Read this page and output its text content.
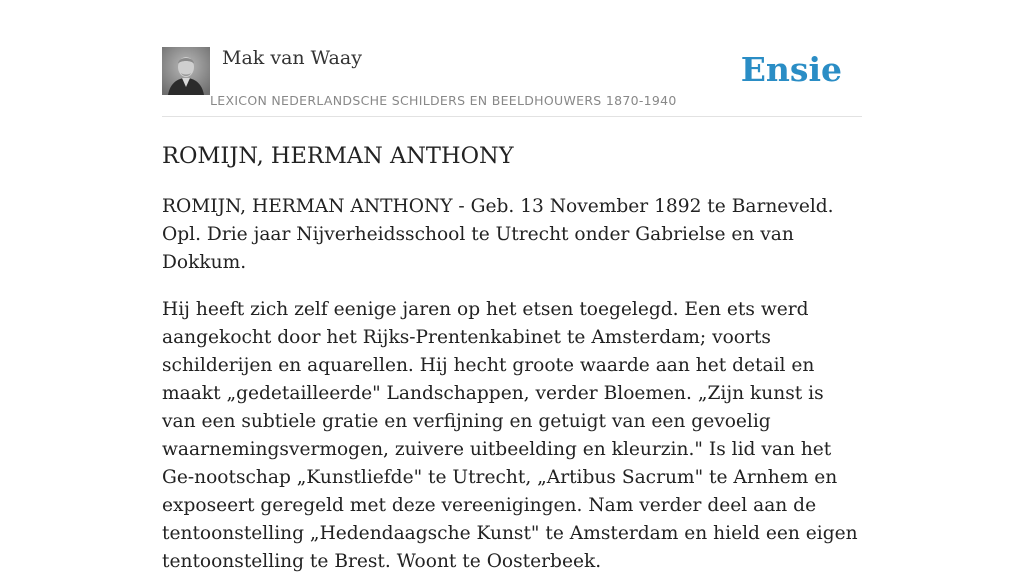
Mak van Waay
LEXICON NEDERLANDSCHE SCHILDERS EN BEELDHOUWERS 1870-1940
Ensie
ROMIJN, HERMAN ANTHONY

ROMIJN, HERMAN ANTHONY - Geb. 13 November 1892 te Barneveld. Opl. Drie jaar Nijverheidsschool te Utrecht onder Gabrielse en van Dokkum.

Hij heeft zich zelf eenige jaren op het etsen toegelegd. Een ets werd aangekocht door het Rijks-Prentenkabinet te Amsterdam; voorts schilderijen en aquarellen. Hij hecht groote waarde aan het detail en maakt „gedetailleerde" Landschappen, verder Bloemen. „Zijn kunst is van een subtiele gratie en verfijning en getuigt van een gevoelig waarnemingsvermogen, zuivere uitbeelding en kleurzin." Is lid van het Ge-nootschap „Kunstliefde" te Utrecht, „Artibus Sacrum" te Arnhem en exposeert geregeld met deze vereenigingen. Nam verder deel aan de tentoonstelling „Hedendaagsche Kunst" te Amsterdam en hield een eigen tentoonstelling te Brest. Woont te Oosterbeek.
